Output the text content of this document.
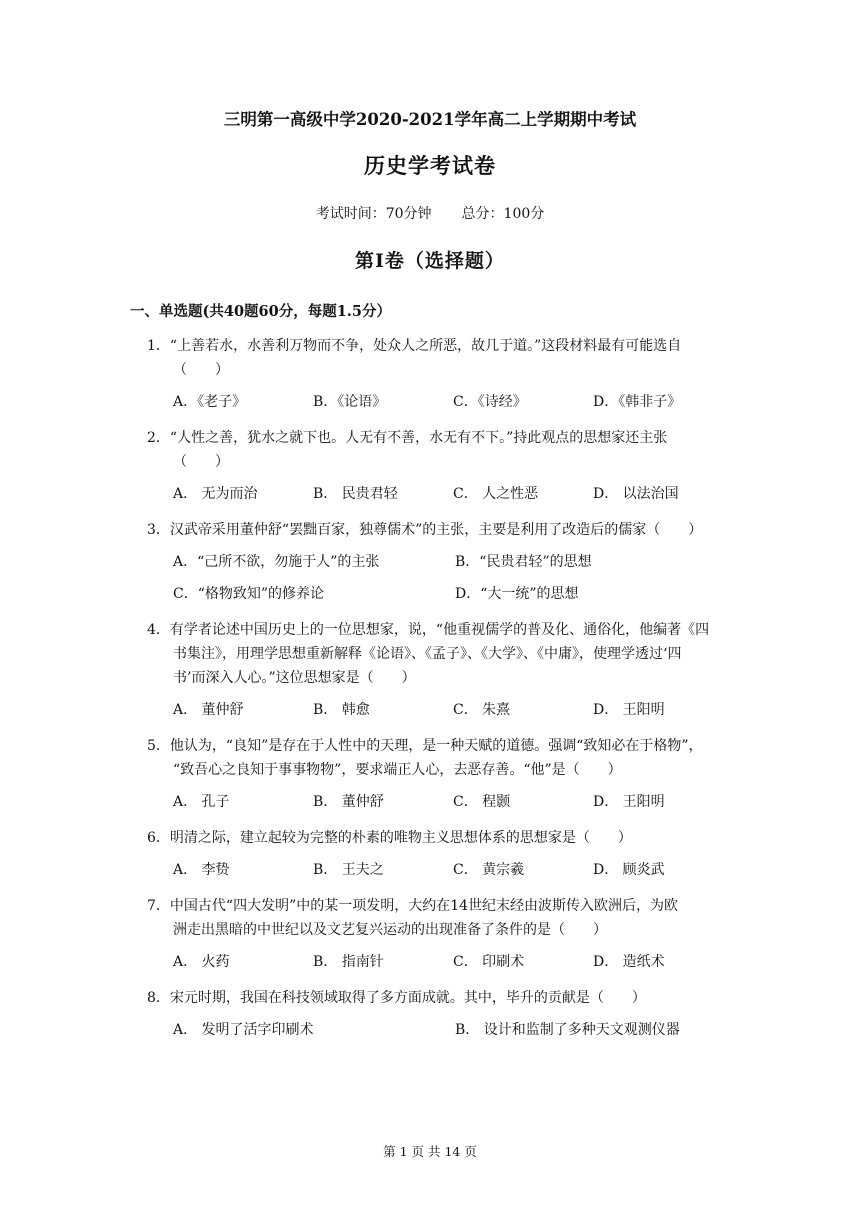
三明第一高级中学2020-2021学年高二上学期期中考试
历史学考试卷
考试时间：70分钟 总分：100分
第I卷（选择题）
一、单选题(共40题60分，每题1.5分）
1．“上善若水，水善利万物而不争，处众人之所恶，故几于道。”这段材料最有可能选自
（　　）
A．《老子》	B．《论语》	C．《诗经》	D．《韩非子》
2．“人性之善，犹水之就下也。人无有不善，水无有不下。”持此观点的思想家还主张
（　　）
A． 无为而治	B． 民贵君轻	C． 人之性恶	D． 以法治国
3．汉武帝采用董仲舒“罢黜百家，独尊儒术”的主张，主要是利用了改造后的儒家（　　）
A．“己所不欲，勿施于人”的主张	B．“民贵君轻”的思想
C．“格物致知”的修养论	D．“大一统”的思想
4．有学者论述中国历史上的一位思想家，说，“他重视儒学的普及化、通俗化，他编著《四
书集注》，用理学思想重新解释《论语》、《孟子》、《大学》、《中庸》，使理学透过‘四
书’而深入人心。”这位思想家是（　　）
A． 董仲舒	B． 韩愈	C． 朱熹	D． 王阳明
5．他认为，“良知”是存在于人性中的天理，是一种天赋的道德。强调“致知必在于格物”，
“致吾心之良知于事事物物”，要求端正人心，去恶存善。“他”是（　　）
A． 孔子	B． 董仲舒	C． 程颢	D． 王阳明
6．明清之际，建立起较为完整的朴素的唯物主义思想体系的思想家是（　　）
A． 李贽	B． 王夫之	C． 黄宗羲	D． 顾炎武
7．中国古代“四大发明”中的某一项发明，大约在14世纪末经由波斯传入欧洲后，为欧
洲走出黑暗的中世纪以及文艺复兴运动的出现准备了条件的是（　　）
A． 火药	B． 指南针	C． 印刷术	D． 造纸术
8．宋元时期，我国在科技领域取得了多方面成就。其中，毕升的贡献是（　　）
A． 发明了活字印刷术	B． 设计和监制了多种天文观测仪器
第 1 页 共 14 页
